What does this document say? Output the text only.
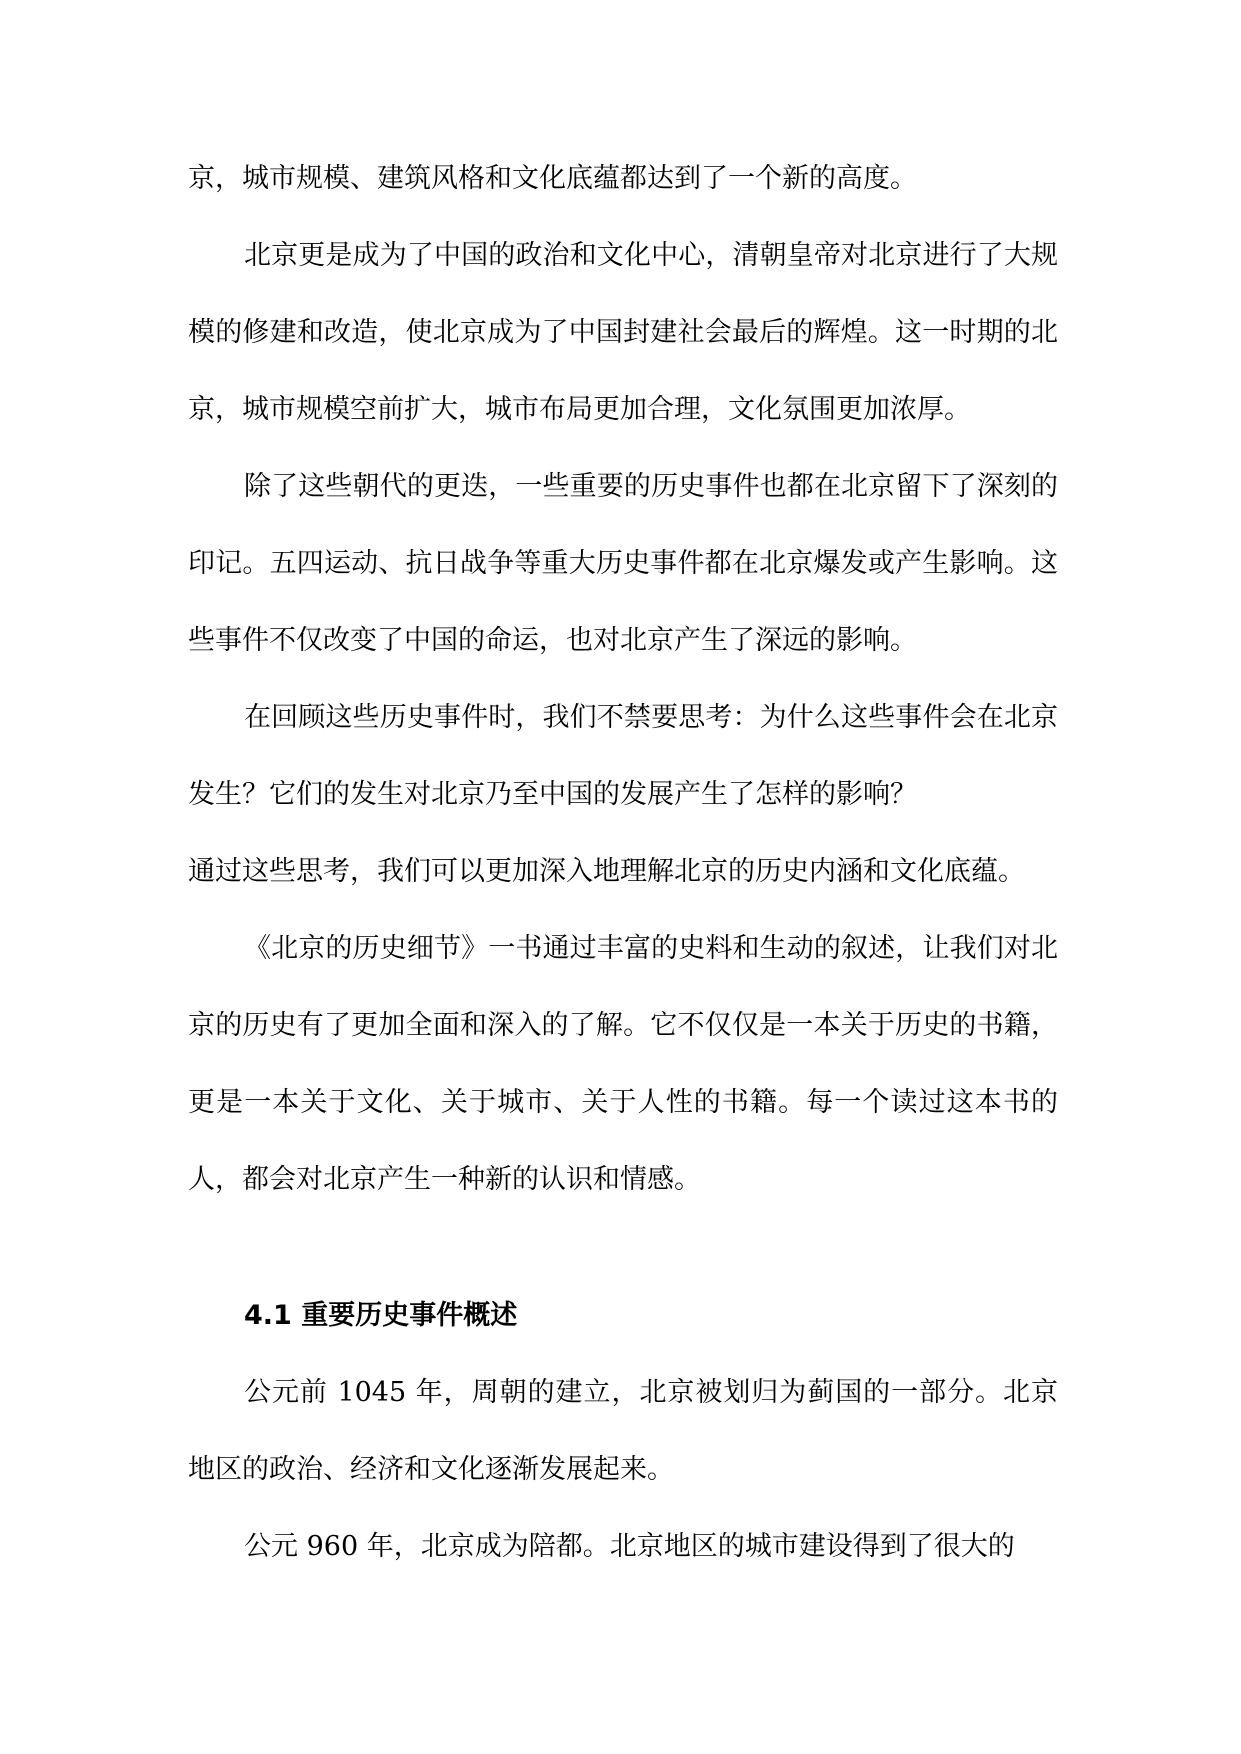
京，城市规模、建筑风格和文化底蕴都达到了一个新的高度。

北京更是成为了中国的政治和文化中心，清朝皇帝对北京进行了大规模的修建和改造，使北京成为了中国封建社会最后的辉煌。这一时期的北京，城市规模空前扩大，城市布局更加合理，文化氛围更加浓厚。

除了这些朝代的更迭，一些重要的历史事件也都在北京留下了深刻的印记。五四运动、抗日战争等重大历史事件都在北京爆发或产生影响。这些事件不仅改变了中国的命运，也对北京产生了深远的影响。

在回顾这些历史事件时，我们不禁要思考：为什么这些事件会在北京发生？它们的发生对北京乃至中国的发展产生了怎样的影响？

通过这些思考，我们可以更加深入地理解北京的历史内涵和文化底蕴。

《北京的历史细节》一书通过丰富的史料和生动的叙述，让我们对北京的历史有了更加全面和深入的了解。它不仅仅是一本关于历史的书籍，更是一本关于文化、关于城市、关于人性的书籍。每一个读过这本书的人，都会对北京产生一种新的认识和情感。

4.1 重要历史事件概述

公元前 1045 年，周朝的建立，北京被划归为蓟国的一部分。北京地区的政治、经济和文化逐渐发展起来。

公元 960 年，北京成为陪都。北京地区的城市建设得到了很大的
